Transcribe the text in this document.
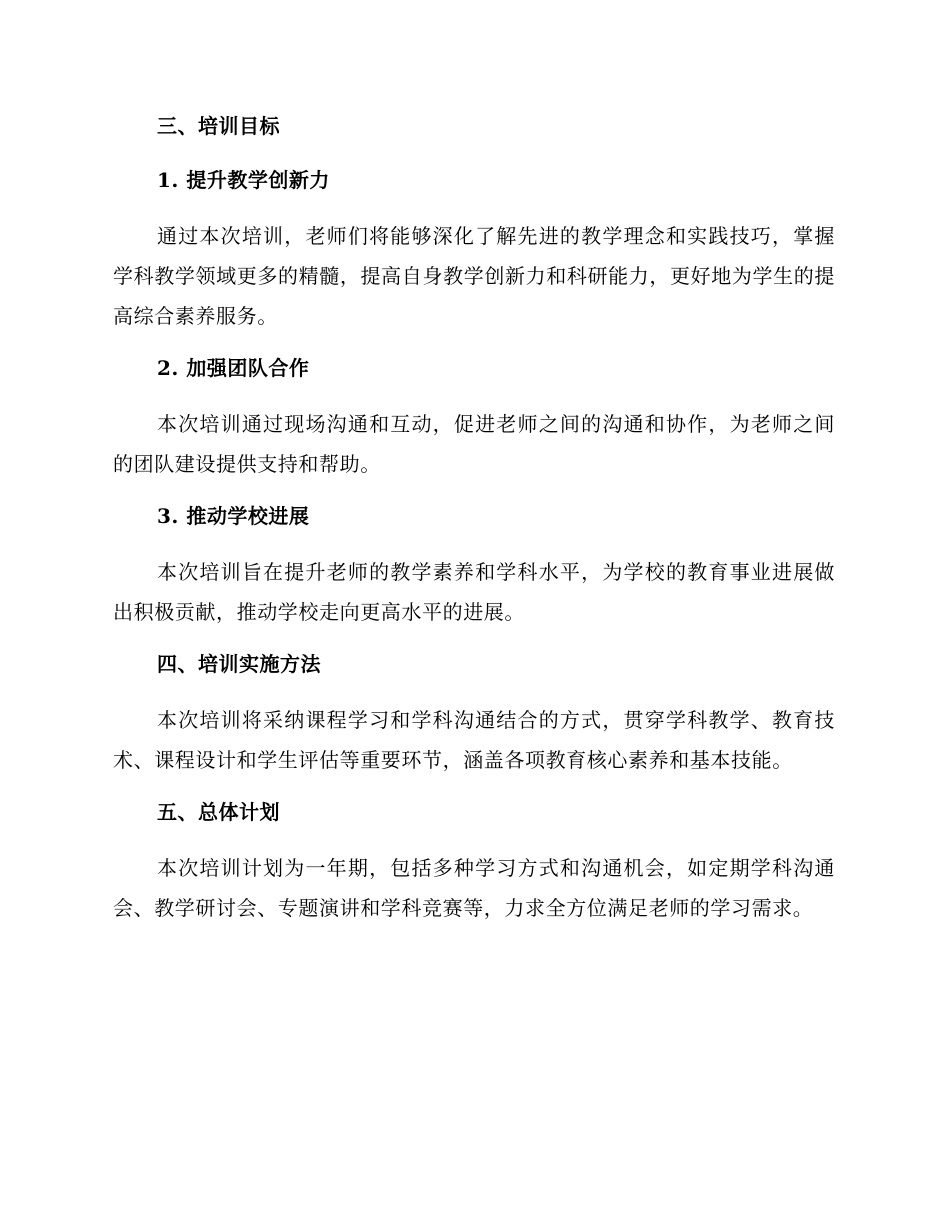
三、培训目标
1. 提升教学创新力

通过本次培训，老师们将能够深化了解先进的教学理念和实践技巧，掌握学科教学领域更多的精髓，提高自身教学创新力和科研能力，更好地为学生的提高综合素养服务。

2. 加强团队合作

本次培训通过现场沟通和互动，促进老师之间的沟通和协作，为老师之间的团队建设提供支持和帮助。

3. 推动学校进展

本次培训旨在提升老师的教学素养和学科水平，为学校的教育事业进展做出积极贡献，推动学校走向更高水平的进展。

四、培训实施方法

本次培训将采纳课程学习和学科沟通结合的方式，贯穿学科教学、教育技术、课程设计和学生评估等重要环节，涵盖各项教育核心素养和基本技能。

五、总体计划

本次培训计划为一年期，包括多种学习方式和沟通机会，如定期学科沟通会、教学研讨会、专题演讲和学科竞赛等，力求全方位满足老师的学习需求。
